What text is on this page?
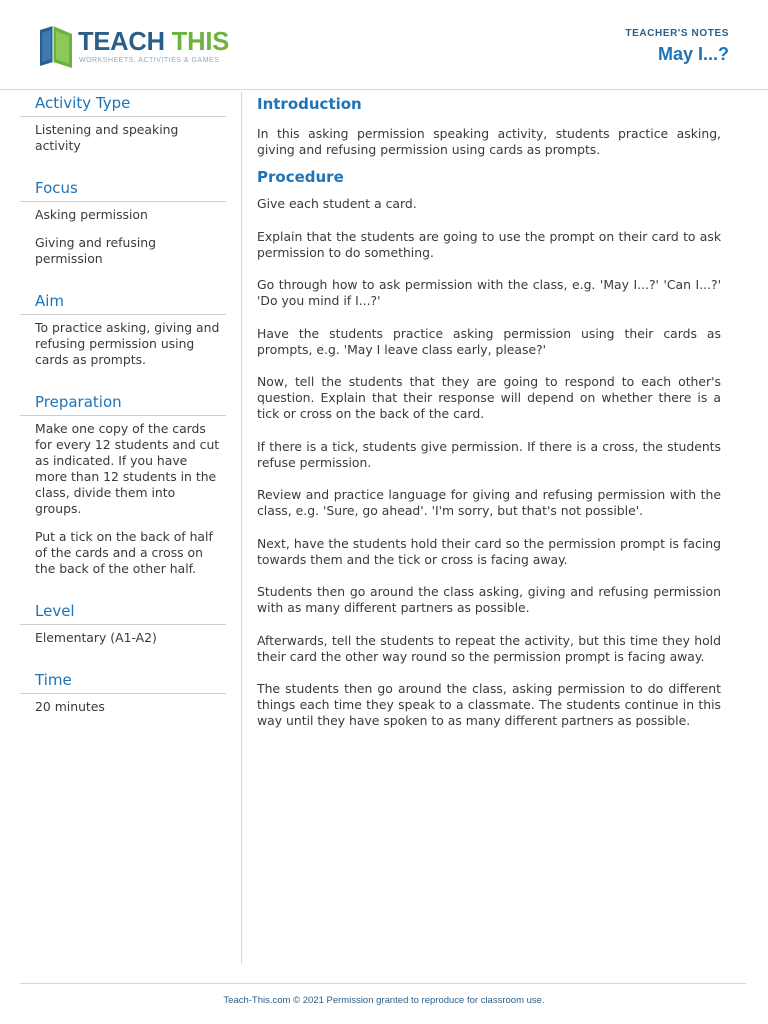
TEACH THIS
WORKSHEETS, ACTIVITIES & GAMES
TEACHER'S NOTES
May I...?
Activity Type
Listening and speaking activity
Focus
Asking permission
Giving and refusing permission
Aim
To practice asking, giving and refusing permission using cards as prompts.
Preparation
Make one copy of the cards for every 12 students and cut as indicated. If you have more than 12 students in the class, divide them into groups.
Put a tick on the back of half of the cards and a cross on the back of the other half.
Level
Elementary (A1-A2)
Time
20 minutes
Introduction

In this asking permission speaking activity, students practice asking, giving and refusing permission using cards as prompts.

Procedure

Give each student a card.

Explain that the students are going to use the prompt on their card to ask permission to do something.

Go through how to ask permission with the class, e.g. 'May I...?' 'Can I...?' 'Do you mind if I...?'

Have the students practice asking permission using their cards as prompts, e.g. 'May I leave class early, please?'

Now, tell the students that they are going to respond to each other's question. Explain that their response will depend on whether there is a tick or cross on the back of the card.

If there is a tick, students give permission. If there is a cross, the students refuse permission.

Review and practice language for giving and refusing permission with the class, e.g. 'Sure, go ahead'. 'I'm sorry, but that's not possible'.

Next, have the students hold their card so the permission prompt is facing towards them and the tick or cross is facing away.

Students then go around the class asking, giving and refusing permission with as many different partners as possible.

Afterwards, tell the students to repeat the activity, but this time they hold their card the other way round so the permission prompt is facing away.

The students then go around the class, asking permission to do different things each time they speak to a classmate. The students continue in this way until they have spoken to as many different partners as possible.

Teach-This.com © 2021 Permission granted to reproduce for classroom use.
